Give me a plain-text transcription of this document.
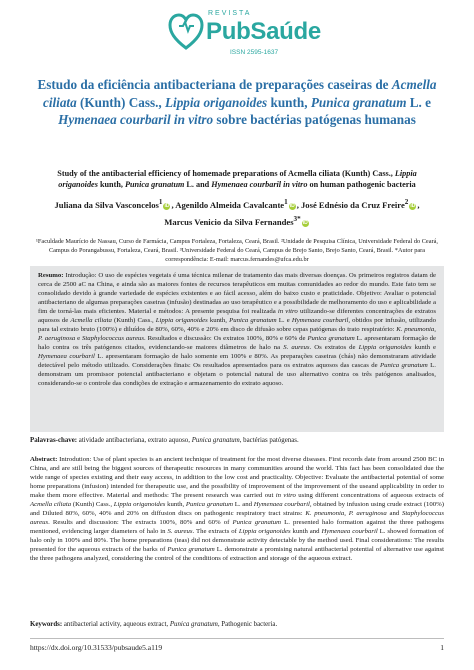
REVISTA
PubSaúde
ISSN 2595-1637
Estudo da eficiência antibacteriana de preparações caseiras de Acmella ciliata (Kunth) Cass., Lippia origanoides kunth, Punica granatum L. e Hymenaea courbaril in vitro sobre bactérias patógenas humanas
Study of the antibacterial efficiency of homemade preparations of Acmella ciliata (Kunth) Cass., Lippia origanoides kunth, Punica granatum L. and Hymenaea courbaril in vitro on human pathogenic bacteria
Juliana da Silva Vasconcelos$^1$ iD , Agenildo Almeida Cavalcante$^1$ iD , José Ednésio da Cruz Freire$^2$ iD ,
Marcus Venicio da Silva Fernandes$^{3*}$ iD
¹Faculdade Maurício de Nassau, Curso de Farmácia, Campus Fortaleza, Fortaleza, Ceará, Brasil. ²Unidade de Pesquisa Clínica, Universidade Federal do Ceará, Campus do Porangabussu, Fortaleza, Ceará, Brasil. ³Universidade Federal do Ceará, Campus de Brejo Santo, Brejo Santo, Ceará, Brasil. *Autor para correspondência: E-mail: marcus.fernandes@ufca.edu.br
Resumo: Introdução: O uso de espécies vegetais é uma técnica milenar de tratamento das mais diversas doenças. Os primeiros registros datam de cerca de 2500 aC na China, e ainda são as maiores fontes de recursos terapêuticos em muitas comunidades ao redor do mundo. Este fato tem se consolidado devido à grande variedade de espécies existentes e ao fácil acesso, além do baixo custo e praticidade. Objetivo: Avaliar o potencial antibacteriano de algumas preparações caseiras (infusão) destinadas ao uso terapêutico e a possibilidade de melhoramento do uso e aplicabilidade a fim de torná-las mais eficientes. Material e métodos: A presente pesquisa foi realizada in vitro utilizando-se diferentes concentrações de extratos aquosos de Acmella ciliata (Kunth) Cass., Lippia origanoides kunth, Punica granatum L. e Hymenaea courbaril, obtidos por infusão, utilizando para tal extrato bruto (100%) e diluídos de 80%, 60%, 40% e 20% em disco de difusão sobre cepas patógenas do trato respiratório: K. pneumonia, P. aeruginosa e Staphylococcus aureus. Resultados e discussão: Os extratos 100%, 80% e 60% de Punica granatum L. apresentaram formação de halo contra os três patógenos citados, evidenciando-se maiores diâmetros de halo na S. aureus. Os extratos de Lippia origanoides kunth e Hymenaea courbaril L. apresentaram formação de halo somente em 100% e 80%. As preparações caseiras (chás) não demonstraram atividade detectável pelo método utilizado. Considerações finais: Os resultados apresentados para os extratos aquosos das cascas de Punica granatum L. demonstram um promissor potencial antibacteriano e objetam o potencial natural de uso alternativo contra os três patógenos analisados, considerando-se o controle das condições de extração e armazenamento do extrato aquoso.
Palavras-chave: atividade antibacteriana, extrato aquoso, Punica granatum, bactérias patógenas.
Abstract: Introdution: Use of plant species is an ancient technique of treatment for the most diverse diseases. First records date from around 2500 BC in China, and are still being the biggest sources of therapeutic resources in many communities around the world. This fact has been consolidated due the wide range of species existing and their easy access, in addition to the low cost and practicality. Objective: Evaluate the antibacterial potential of some home preparations (infusion) intended for therapeutic use, and the possibility of improvement of the improvement of the useand applicability in order to make them more effective. Material and methods: The present research was carried out in vitro using different concentrations of aqueous extracts of Acmella ciliata (Kunth) Cass., Lippia origanoides kunth, Punica granatum L. and Hymenaea courbaril, obtained by infusion using crude extract (100%) and Diluted 80%, 60%, 40% and 20% on diffusion discs on pathogenic respiratory tract strains: K. pneumonia, P. aeruginosa and Staphylococcus aureus. Results and discussion: The extracts 100%, 80% and 60% of Punica granatum L. presented halo formation against the three pathogens mentioned, evidencing larger diameters of halo in S. aureus. The extracts of Lippia origanoides kunth and Hymenaea courbaril L. showed formation of halo only in 100% and 80%. The home preparations (teas) did not demonstrate activity detectable by the method used. Final considerations: The results presented for the aqueous extracts of the barks of Punica granatum L. demonstrate a promising natural antibacterial potential of alternative use against the three pathogens analyzed, considering the control of the conditions of extraction and storage of the aqueous extract.
Keywords: antibacterial activity, aqueous extract, Punica granatum, Pathogenic bacteria.
https://dx.doi.org/10.31533/pubsaude5.a119	1
